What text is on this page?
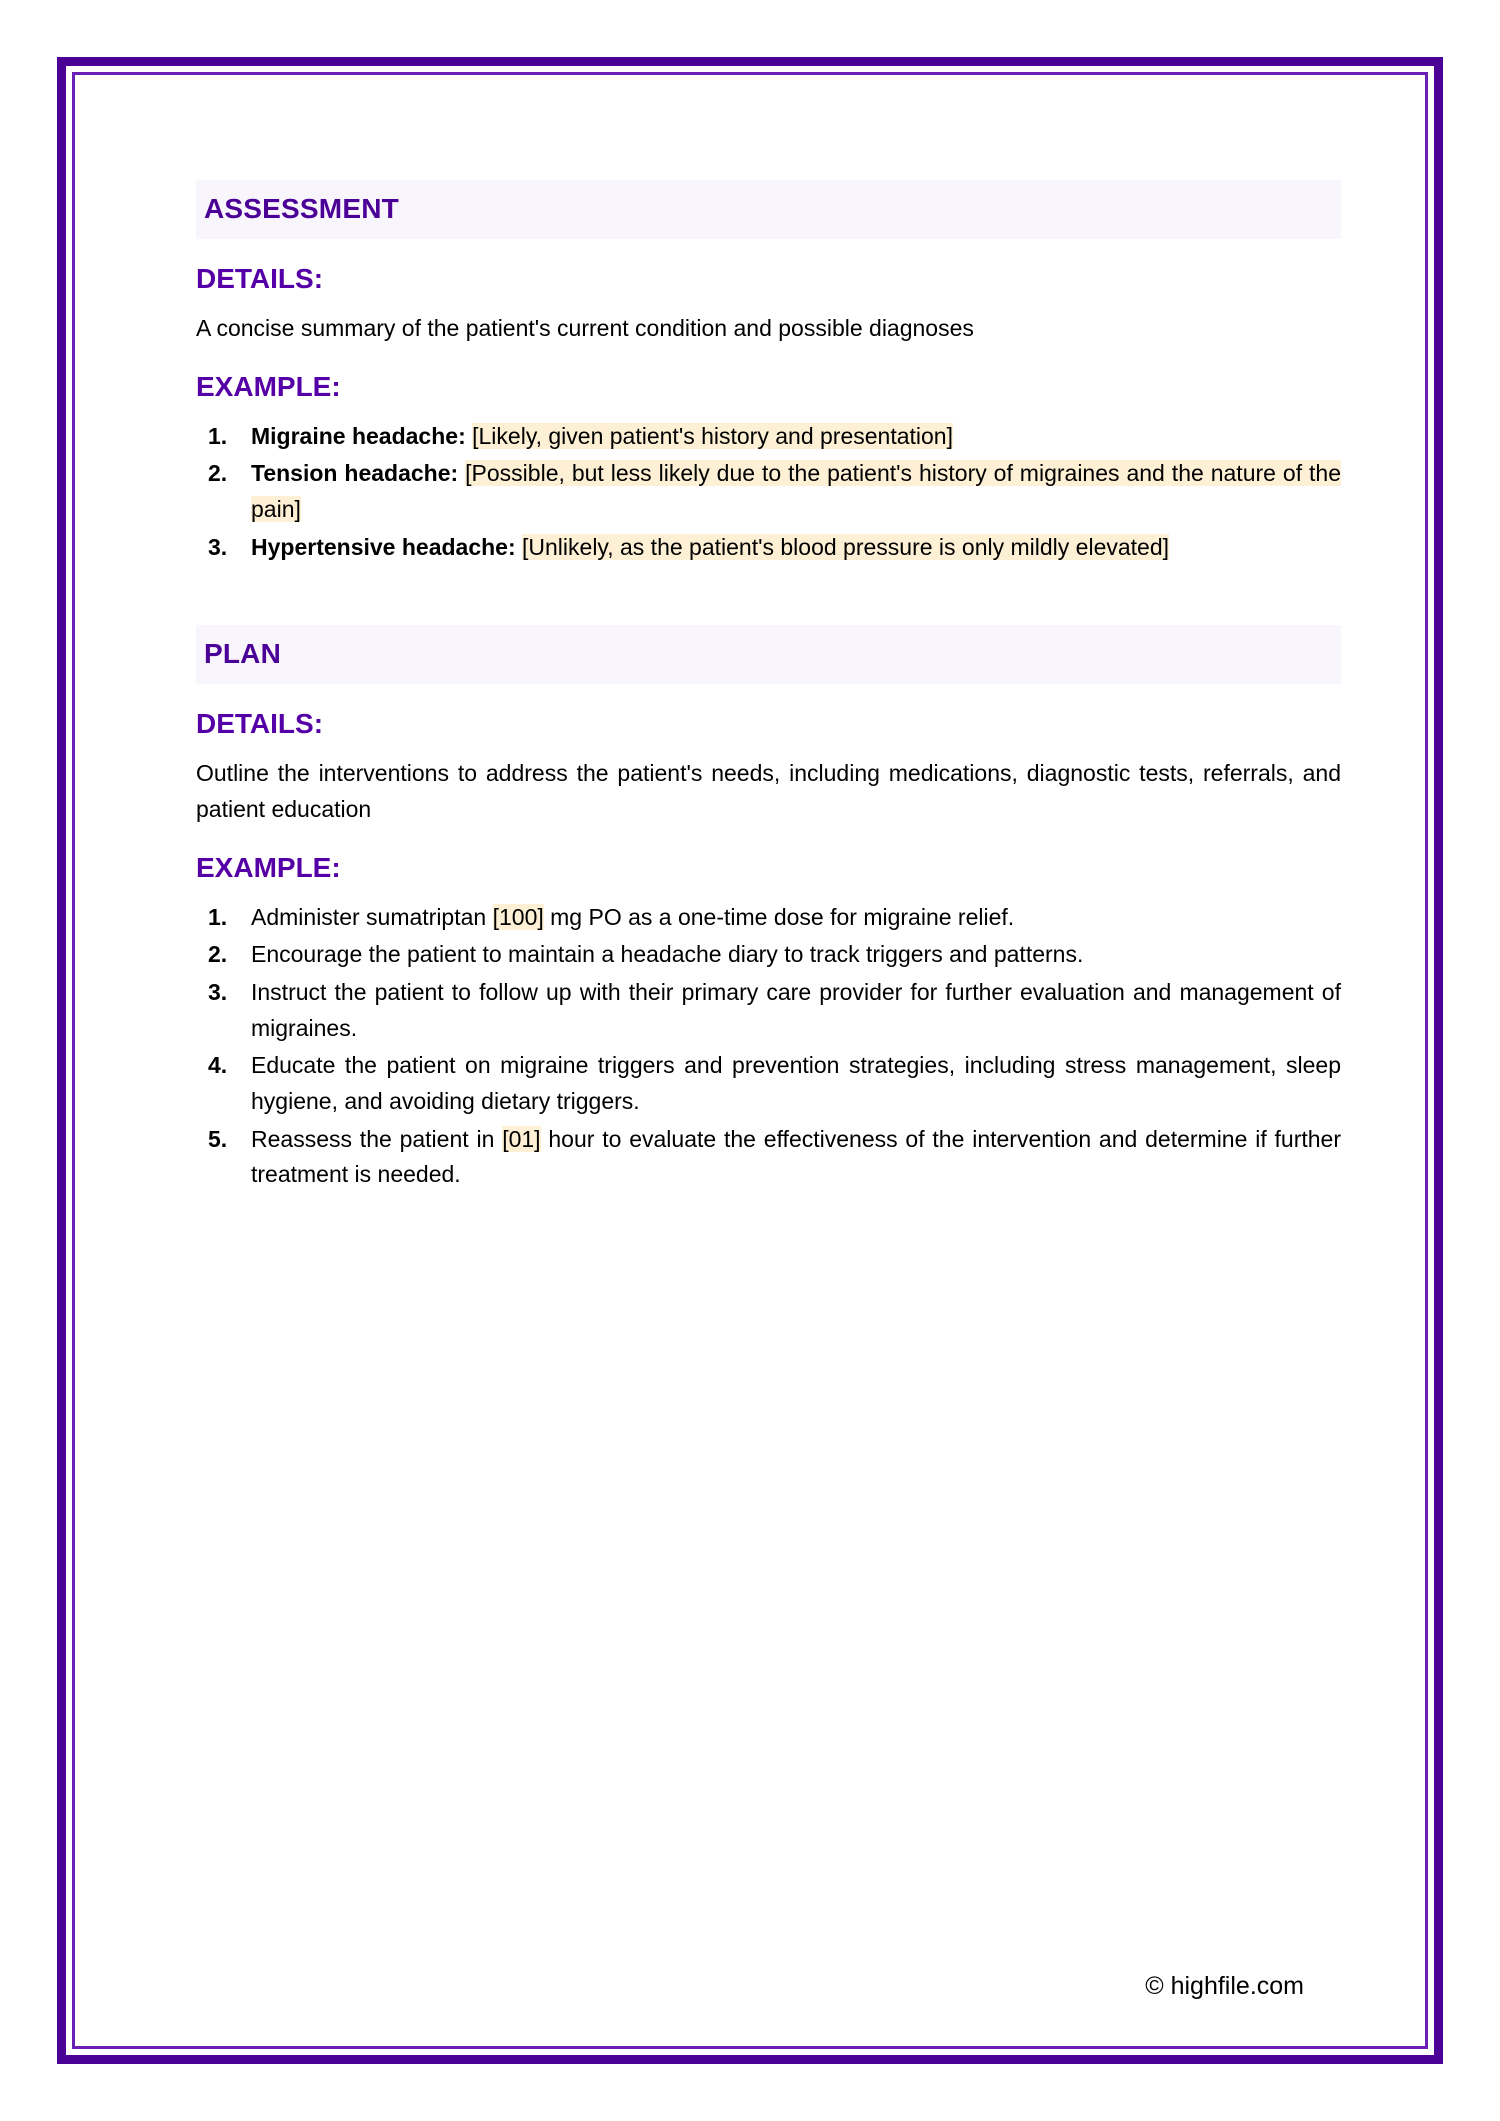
ASSESSMENT
DETAILS:

A concise summary of the patient's current condition and possible diagnoses

EXAMPLE:
Migraine headache: [Likely, given patient's history and presentation]
Tension headache: [Possible, but less likely due to the patient's history of migraines and the nature of the pain]
Hypertensive headache: [Unlikely, as the patient's blood pressure is only mildly elevated]
PLAN
DETAILS:

Outline the interventions to address the patient's needs, including medications, diagnostic tests, referrals, and patient education

EXAMPLE:
Administer sumatriptan [100] mg PO as a one-time dose for migraine relief.
Encourage the patient to maintain a headache diary to track triggers and patterns.
Instruct the patient to follow up with their primary care provider for further evaluation and management of migraines.
Educate the patient on migraine triggers and prevention strategies, including stress management, sleep hygiene, and avoiding dietary triggers.
Reassess the patient in [01] hour to evaluate the effectiveness of the intervention and determine if further treatment is needed.
© highfile.com
